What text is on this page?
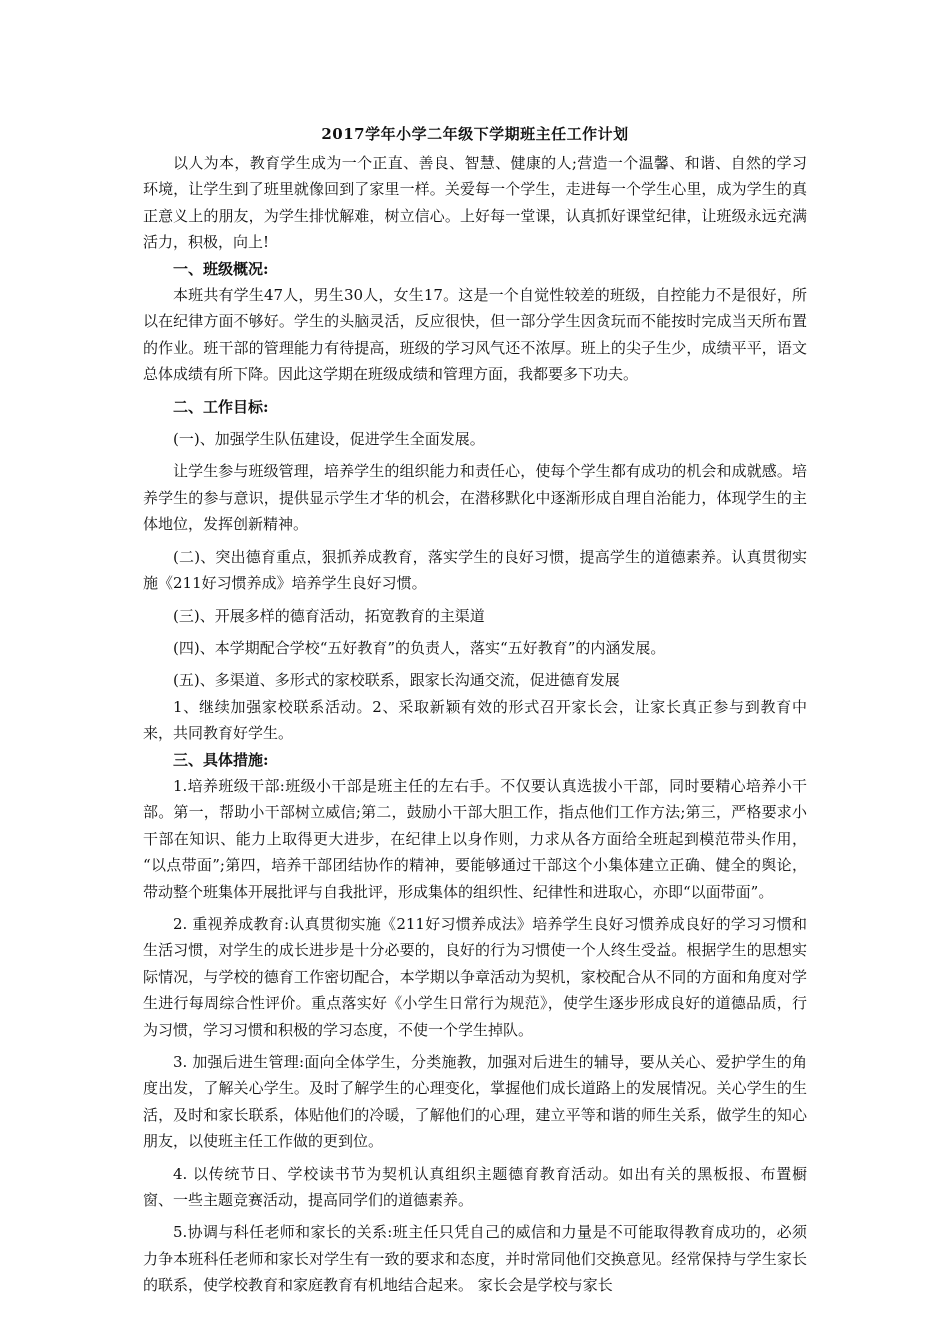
2017学年小学二年级下学期班主任工作计划

以人为本，教育学生成为一个正直、善良、智慧、健康的人;营造一个温馨、和谐、自然的学习环境，让学生到了班里就像回到了家里一样。关爱每一个学生，走进每一个学生心里，成为学生的真正意义上的朋友，为学生排忧解难，树立信心。上好每一堂课，认真抓好课堂纪律，让班级永远充满活力，积极，向上!

一、班级概况:

本班共有学生47人，男生30人，女生17。这是一个自觉性较差的班级，自控能力不是很好，所以在纪律方面不够好。学生的头脑灵活，反应很快，但一部分学生因贪玩而不能按时完成当天所布置的作业。班干部的管理能力有待提高，班级的学习风气还不浓厚。班上的尖子生少，成绩平平，语文总体成绩有所下降。因此这学期在班级成绩和管理方面，我都要多下功夫。

二、工作目标:

(一)、加强学生队伍建设，促进学生全面发展。

让学生参与班级管理，培养学生的组织能力和责任心，使每个学生都有成功的机会和成就感。培养学生的参与意识，提供显示学生才华的机会，在潜移默化中逐渐形成自理自治能力，体现学生的主体地位，发挥创新精神。

(二)、突出德育重点，狠抓养成教育，落实学生的良好习惯，提高学生的道德素养。认真贯彻实施《211好习惯养成》培养学生良好习惯。

(三)、开展多样的德育活动，拓宽教育的主渠道

(四)、本学期配合学校“五好教育”的负责人，落实“五好教育”的内涵发展。

(五)、多渠道、多形式的家校联系，跟家长沟通交流，促进德育发展

1、继续加强家校联系活动。2、采取新颖有效的形式召开家长会，让家长真正参与到教育中来，共同教育好学生。

三、具体措施:

1.培养班级干部:班级小干部是班主任的左右手。不仅要认真选拔小干部，同时要精心培养小干部。第一，帮助小干部树立威信;第二，鼓励小干部大胆工作，指点他们工作方法;第三，严格要求小干部在知识、能力上取得更大进步，在纪律上以身作则，力求从各方面给全班起到模范带头作用， “以点带面”;第四，培养干部团结协作的精神，要能够通过干部这个小集体建立正确、健全的舆论，带动整个班集体开展批评与自我批评，形成集体的组织性、纪律性和进取心，亦即“以面带面”。

2. 重视养成教育:认真贯彻实施《211好习惯养成法》培养学生良好习惯养成良好的学习习惯和生活习惯，对学生的成长进步是十分必要的，良好的行为习惯使一个人终生受益。根据学生的思想实际情况，与学校的德育工作密切配合，本学期以争章活动为契机，家校配合从不同的方面和角度对学生进行每周综合性评价。重点落实好《小学生日常行为规范》，使学生逐步形成良好的道德品质，行为习惯，学习习惯和积极的学习态度，不使一个学生掉队。

3. 加强后进生管理:面向全体学生，分类施教，加强对后进生的辅导，要从关心、爱护学生的角度出发，了解关心学生。及时了解学生的心理变化，掌握他们成长道路上的发展情况。关心学生的生活，及时和家长联系，体贴他们的冷暖，了解他们的心理，建立平等和谐的师生关系，做学生的知心朋友，以使班主任工作做的更到位。

4. 以传统节日、学校读书节为契机认真组织主题德育教育活动。如出有关的黑板报、布置橱窗、一些主题竞赛活动，提高同学们的道德素养。

5.协调与科任老师和家长的关系:班主任只凭自己的威信和力量是不可能取得教育成功的，必须力争本班科任老师和家长对学生有一致的要求和态度，并时常同他们交换意见。经常保持与学生家长的联系，使学校教育和家庭教育有机地结合起来。 家长会是学校与家长
